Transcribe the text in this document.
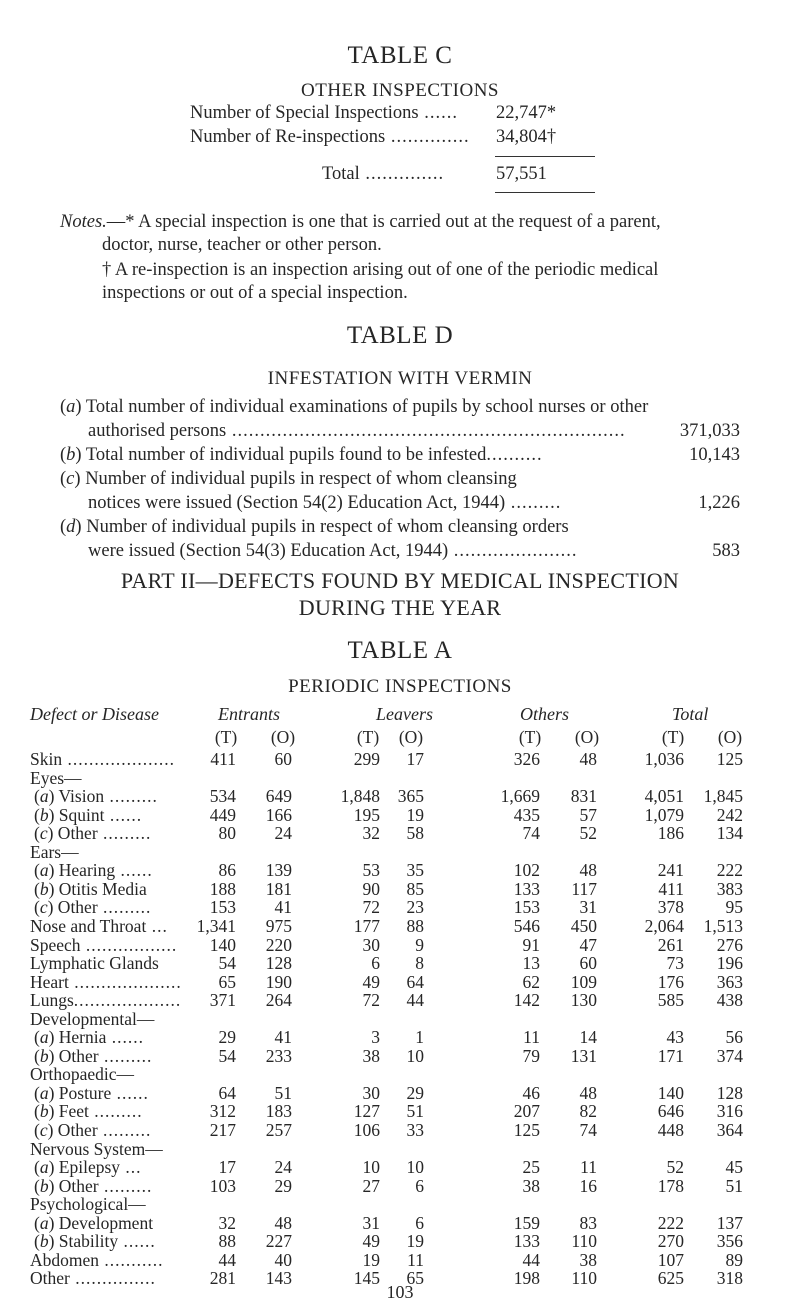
TABLE C
OTHER INSPECTIONS
Number of Special Inspections ...... 22,747*
Number of Re-inspections .............. 34,804†
Total ..............	57,551
Notes.—* A special inspection is one that is carried out at the request of a parent,
doctor, nurse, teacher or other person.
† A re-inspection is an inspection arising out of one of the periodic medical
inspections or out of a special inspection.
TABLE D
INFESTATION WITH VERMIN
(a) Total number of individual examinations of pupils by school nurses or other
authorised persons ......................................................................	371,033
(b) Total number of individual pupils found to be infested..........	10,143
(c) Number of individual pupils in respect of whom cleansing
notices were issued (Section 54(2) Education Act, 1944) .........	1,226
(d) Number of individual pupils in respect of whom cleansing orders
were issued (Section 54(3) Education Act, 1944) ......................	583
PART II—DEFECTS FOUND BY MEDICAL INSPECTION
DURING THE YEAR
TABLE A
PERIODIC INSPECTIONS
Defect or Disease	Entrants	Leavers	Others	Total
(T) (O)	(T) (O)	(T) (O)	(T) (O)
Skin .................... 411 60	299 17	326 48	1,036 125
Eyes—
(a) Vision .........	534 649	1,848 365	1,669 831	4,051 1,845
(b) Squint ......	449 166	195 19	435 57	1,079 242
(c) Other .........	80 24	32 58	74 52	186 134
Ears—
(a) Hearing ......	86 139	53 35	102 48	241 222
(b) Otitis Media	188 181	90 85	133 117	411 383
(c) Other .........	153 41	72 23	153 31	378 95
Nose and Throat ... 1,341 975	177 88	546 450	2,064 1,513
Speech ................. 140 220	30 9	91 47	261 276
Lymphatic Glands	54 128	6 8	13 60	73 196
Heart .................... 65 190	49 64	62 109	176 363
Lungs.................... 371 264	72 44	142 130	585 438
Developmental—
(a) Hernia ......	29 41	3 1	11 14	43 56
(b) Other .........	54 233	38 10	79 131	171 374
Orthopaedic—
(a) Posture ......	64 51	30 29	46 48	140 128
(b) Feet .........	312 183	127 51	207 82	646 316
(c) Other .........	217 257	106 33	125 74	448 364
Nervous System—
(a) Epilepsy ...	17 24	10 10	25 11	52 45
(b) Other .........	103 29	27 6	38 16	178 51
Psychological—
(a) Development	32 48	31 6	159 83	222 137
(b) Stability ......	88 227	49 19	133 110	270 356
Abdomen ...........	44 40	19 11	44 38	107 89
Other ...............	281 143	145 65	198 110	625 318
103
